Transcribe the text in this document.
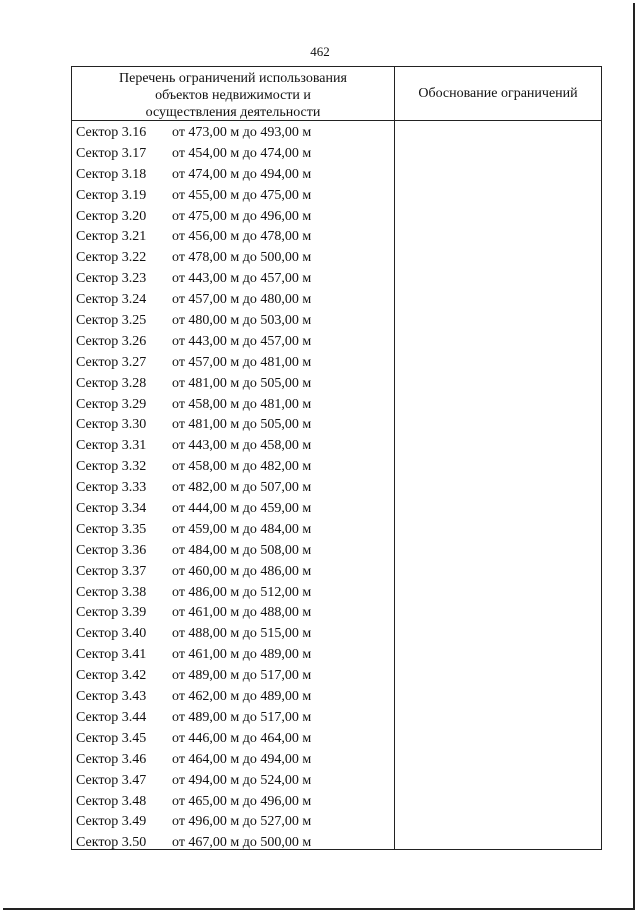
462
Перечень ограничений использования
объектов недвижимости и
осуществления деятельности
Обоснование ограничений
Сектор 3.16 от 473,00 м до 493,00 м
Сектор 3.17 от 454,00 м до 474,00 м
Сектор 3.18 от 474,00 м до 494,00 м
Сектор 3.19 от 455,00 м до 475,00 м
Сектор 3.20 от 475,00 м до 496,00 м
Сектор 3.21 от 456,00 м до 478,00 м
Сектор 3.22 от 478,00 м до 500,00 м
Сектор 3.23 от 443,00 м до 457,00 м
Сектор 3.24 от 457,00 м до 480,00 м
Сектор 3.25 от 480,00 м до 503,00 м
Сектор 3.26 от 443,00 м до 457,00 м
Сектор 3.27 от 457,00 м до 481,00 м
Сектор 3.28 от 481,00 м до 505,00 м
Сектор 3.29 от 458,00 м до 481,00 м
Сектор 3.30 от 481,00 м до 505,00 м
Сектор 3.31 от 443,00 м до 458,00 м
Сектор 3.32 от 458,00 м до 482,00 м
Сектор 3.33 от 482,00 м до 507,00 м
Сектор 3.34 от 444,00 м до 459,00 м
Сектор 3.35 от 459,00 м до 484,00 м
Сектор 3.36 от 484,00 м до 508,00 м
Сектор 3.37 от 460,00 м до 486,00 м
Сектор 3.38 от 486,00 м до 512,00 м
Сектор 3.39 от 461,00 м до 488,00 м
Сектор 3.40 от 488,00 м до 515,00 м
Сектор 3.41 от 461,00 м до 489,00 м
Сектор 3.42 от 489,00 м до 517,00 м
Сектор 3.43 от 462,00 м до 489,00 м
Сектор 3.44 от 489,00 м до 517,00 м
Сектор 3.45 от 446,00 м до 464,00 м
Сектор 3.46 от 464,00 м до 494,00 м
Сектор 3.47 от 494,00 м до 524,00 м
Сектор 3.48 от 465,00 м до 496,00 м
Сектор 3.49 от 496,00 м до 527,00 м
Сектор 3.50 от 467,00 м до 500,00 м
